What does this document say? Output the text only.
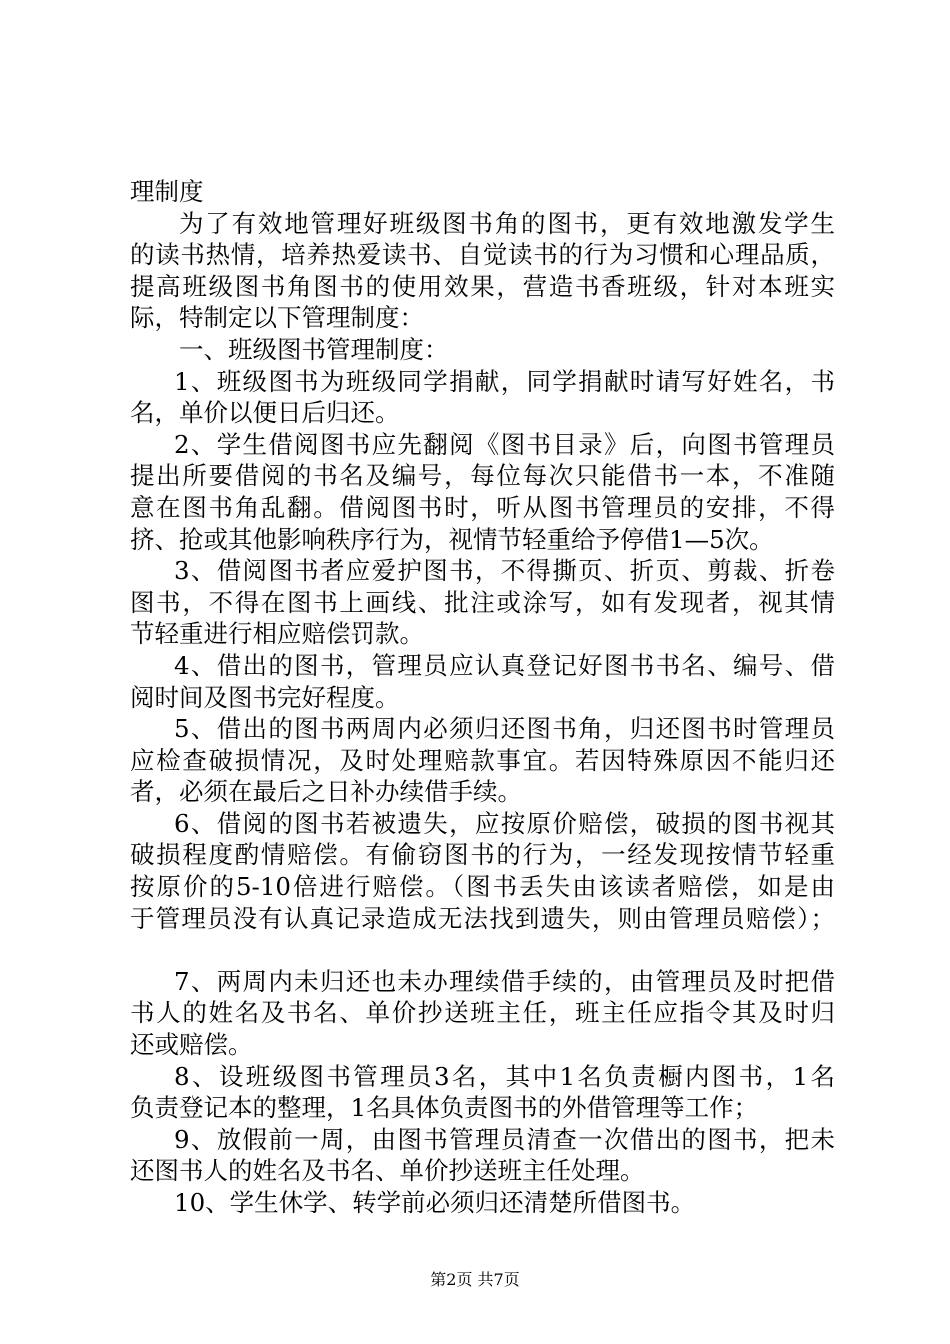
理制度
为了有效地管理好班级图书角的图书，更有效地激发学生
的读书热情，培养热爱读书、自觉读书的行为习惯和心理品质，
提高班级图书角图书的使用效果，营造书香班级，针对本班实
际，特制定以下管理制度：
一、班级图书管理制度：
1、班级图书为班级同学捐献，同学捐献时请写好姓名，书
名，单价以便日后归还。
2、学生借阅图书应先翻阅《图书目录》后，向图书管理员
提出所要借阅的书名及编号，每位每次只能借书一本，不准随
意在图书角乱翻。借阅图书时，听从图书管理员的安排，不得
挤、抢或其他影响秩序行为，视情节轻重给予停借1—5次。
3、借阅图书者应爱护图书，不得撕页、折页、剪裁、折卷
图书，不得在图书上画线、批注或涂写，如有发现者，视其情
节轻重进行相应赔偿罚款。
4、借出的图书，管理员应认真登记好图书书名、编号、借
阅时间及图书完好程度。
5、借出的图书两周内必须归还图书角，归还图书时管理员
应检查破损情况，及时处理赔款事宜。若因特殊原因不能归还
者，必须在最后之日补办续借手续。
6、借阅的图书若被遗失，应按原价赔偿，破损的图书视其
破损程度酌情赔偿。有偷窃图书的行为，一经发现按情节轻重
按原价的5-10倍进行赔偿。（图书丢失由该读者赔偿，如是由
于管理员没有认真记录造成无法找到遗失，则由管理员赔偿）；
7、两周内未归还也未办理续借手续的，由管理员及时把借
书人的姓名及书名、单价抄送班主任，班主任应指令其及时归
还或赔偿。
8、设班级图书管理员3名，其中1名负责橱内图书，1名
负责登记本的整理，1名具体负责图书的外借管理等工作；
9、放假前一周，由图书管理员清查一次借出的图书，把未
还图书人的姓名及书名、单价抄送班主任处理。
10、学生休学、转学前必须归还清楚所借图书。
第2页 共7页
